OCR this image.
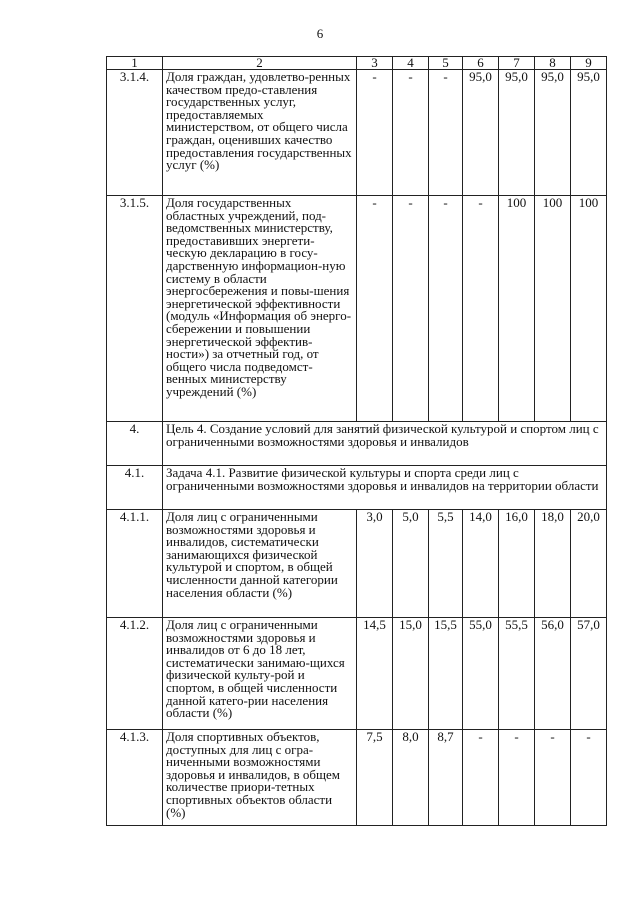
6
1	2	3	4	5	6	7	8	9
3.1.4.	Доля граждан, удовлетво-ренных качеством предо-ставления государственных услуг, предоставляемых министерством, от общего числа граждан, оценивших качество предоставления государственных услуг (%)	-	-	-	95,0	95,0	95,0	95,0
3.1.5.	Доля государственных областных учреждений, под-ведомственных министерству, предоставивших энергети-ческую декларацию в госу-дарственную информацион-ную систему в области энергосбережения и повы-шения энергетической эффективности (модуль «Информация об энерго-сбережении и повышении энергетической эффектив-ности») за отчетный год, от общего числа подведомст-венных министерству учреждений (%)	-	-	-	-	100	100	100
4.	Цель 4. Создание условий для занятий физической культурой и спортом лиц с ограниченными возможностями здоровья и инвалидов							
4.1.	Задача 4.1. Развитие физической культуры и спорта среди лиц с ограниченными возможностями здоровья и инвалидов на территории области							
4.1.1.	Доля лиц с ограниченными возможностями здоровья и инвалидов, систематически занимающихся физической культурой и спортом, в общей численности данной категории населения области (%)	3,0	5,0	5,5	14,0	16,0	18,0	20,0
4.1.2.	Доля лиц с ограниченными возможностями здоровья и инвалидов от 6 до 18 лет, систематически занимаю-щихся физической культу-рой и спортом, в общей численности данной катего-рии населения области (%)	14,5	15,0	15,5	55,0	55,5	56,0	57,0
4.1.3.	Доля спортивных объектов, доступных для лиц с огра-ниченными возможностями здоровья и инвалидов, в общем количестве приори-тетных спортивных объектов области (%)	7,5	8,0	8,7	-	-	-	-
